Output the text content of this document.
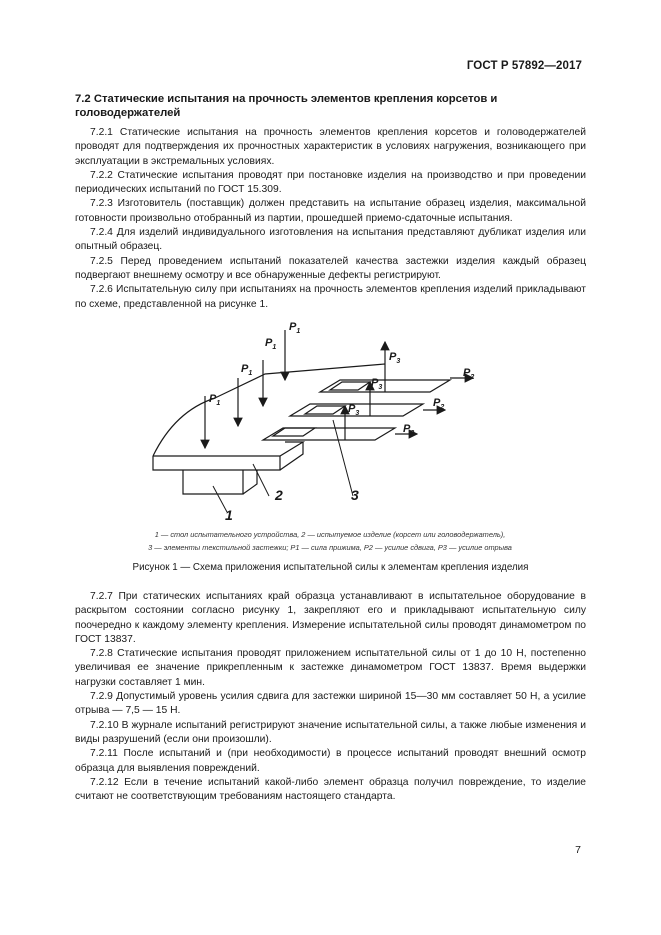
ГОСТ Р 57892—2017
7.2 Статические испытания на прочность элементов крепления корсетов и головодержателей

7.2.1 Статические испытания на прочность элементов крепления корсетов и головодержателей проводят для подтверждения их прочностных характеристик в условиях нагружения, возникающего при эксплуатации в экстремальных условиях.

7.2.2 Статические испытания проводят при постановке изделия на производство и при проведении периодических испытаний по ГОСТ 15.309.

7.2.3 Изготовитель (поставщик) должен представить на испытание образец изделия, максимальной готовности произвольно отобранный из партии, прошедшей приемо-сдаточные испытания.

7.2.4 Для изделий индивидуального изготовления на испытания представляют дубликат изделия или опытный образец.

7.2.5 Перед проведением испытаний показателей качества застежки изделия каждый образец подвергают внешнему осмотру и все обнаруженные дефекты регистрируют.

7.2.6 Испытательную силу при испытаниях на прочность элементов крепления изделий прикладывают по схеме, представленной на рисунке 1.

$P_1$
$P_1$
$P_1$
$P_1$
$P_3$
$P_3$
$P_3$
$P_2$
$P_2$
$P_2$
1
2	3
1 — стол испытательного устройства, 2 — испытуемое изделие (корсет или головодержатель),
3 — элементы текстильной застежки; P1 — сила прижима, P2 — усилие сдвига, P3 — усилие отрыва
Рисунок 1 — Схема приложения испытательной силы к элементам крепления изделия

7.2.7 При статических испытаниях край образца устанавливают в испытательное оборудование в раскрытом состоянии согласно рисунку 1, закрепляют его и прикладывают испытательную силу поочередно к каждому элементу крепления. Измерение испытательной силы проводят динамометром по ГОСТ 13837.

7.2.8 Статические испытания проводят приложением испытательной силы от 1 до 10 Н, постепенно увеличивая ее значение прикрепленным к застежке динамометром ГОСТ 13837. Время выдержки нагрузки составляет 1 мин.

7.2.9 Допустимый уровень усилия сдвига для застежки шириной 15—30 мм составляет 50 Н, а усилие отрыва — 7,5 — 15 Н.

7.2.10 В журнале испытаний регистрируют значение испытательной силы, а также любые изменения и виды разрушений (если они произошли).

7.2.11 После испытаний и (при необходимости) в процессе испытаний проводят внешний осмотр образца для выявления повреждений.

7.2.12 Если в течение испытаний какой-либо элемент образца получил повреждение, то изделие считают не соответствующим требованиям настоящего стандарта.

7
